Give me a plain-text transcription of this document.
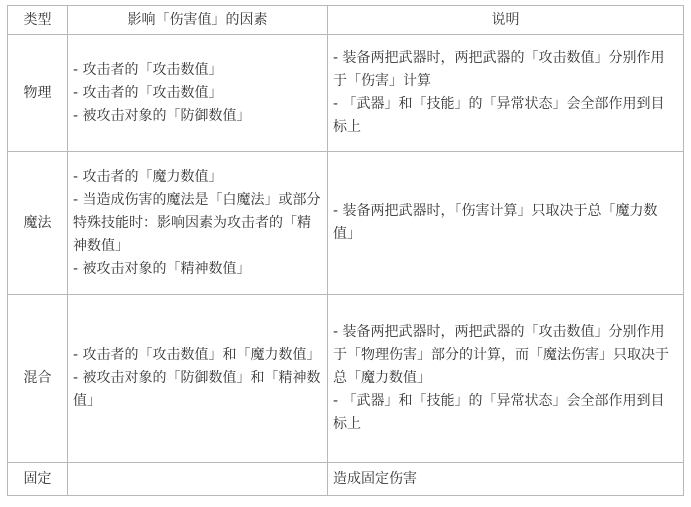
类型	影响「伤害值」的因素	说明
物理	- 攻击者的「攻击数值」
- 攻击者的「攻击数值」
- 被攻击对象的「防御数值」	- 装备两把武器时，两把武器的「攻击数值」分别作用于「伤害」计算
- 「武器」和「技能」的「异常状态」会全部作用到目标上

魔法	- 攻击者的「魔力数值」
- 当造成伤害的魔法是「白魔法」或部分特殊技能时：影响因素为攻击者的「精神数值」
- 被攻击对象的「精神数值」	- 装备两把武器时，「伤害计算」只取决于总「魔力数值」

混合	- 攻击者的「攻击数值」和「魔力数值」
- 被攻击对象的「防御数值」和「精神数值」	- 装备两把武器时，两把武器的「攻击数值」分别作用于「物理伤害」部分的计算，而「魔法伤害」只取决于总「魔力数值」
- 「武器」和「技能」的「异常状态」会全部作用到目标上

固定		造成固定伤害
